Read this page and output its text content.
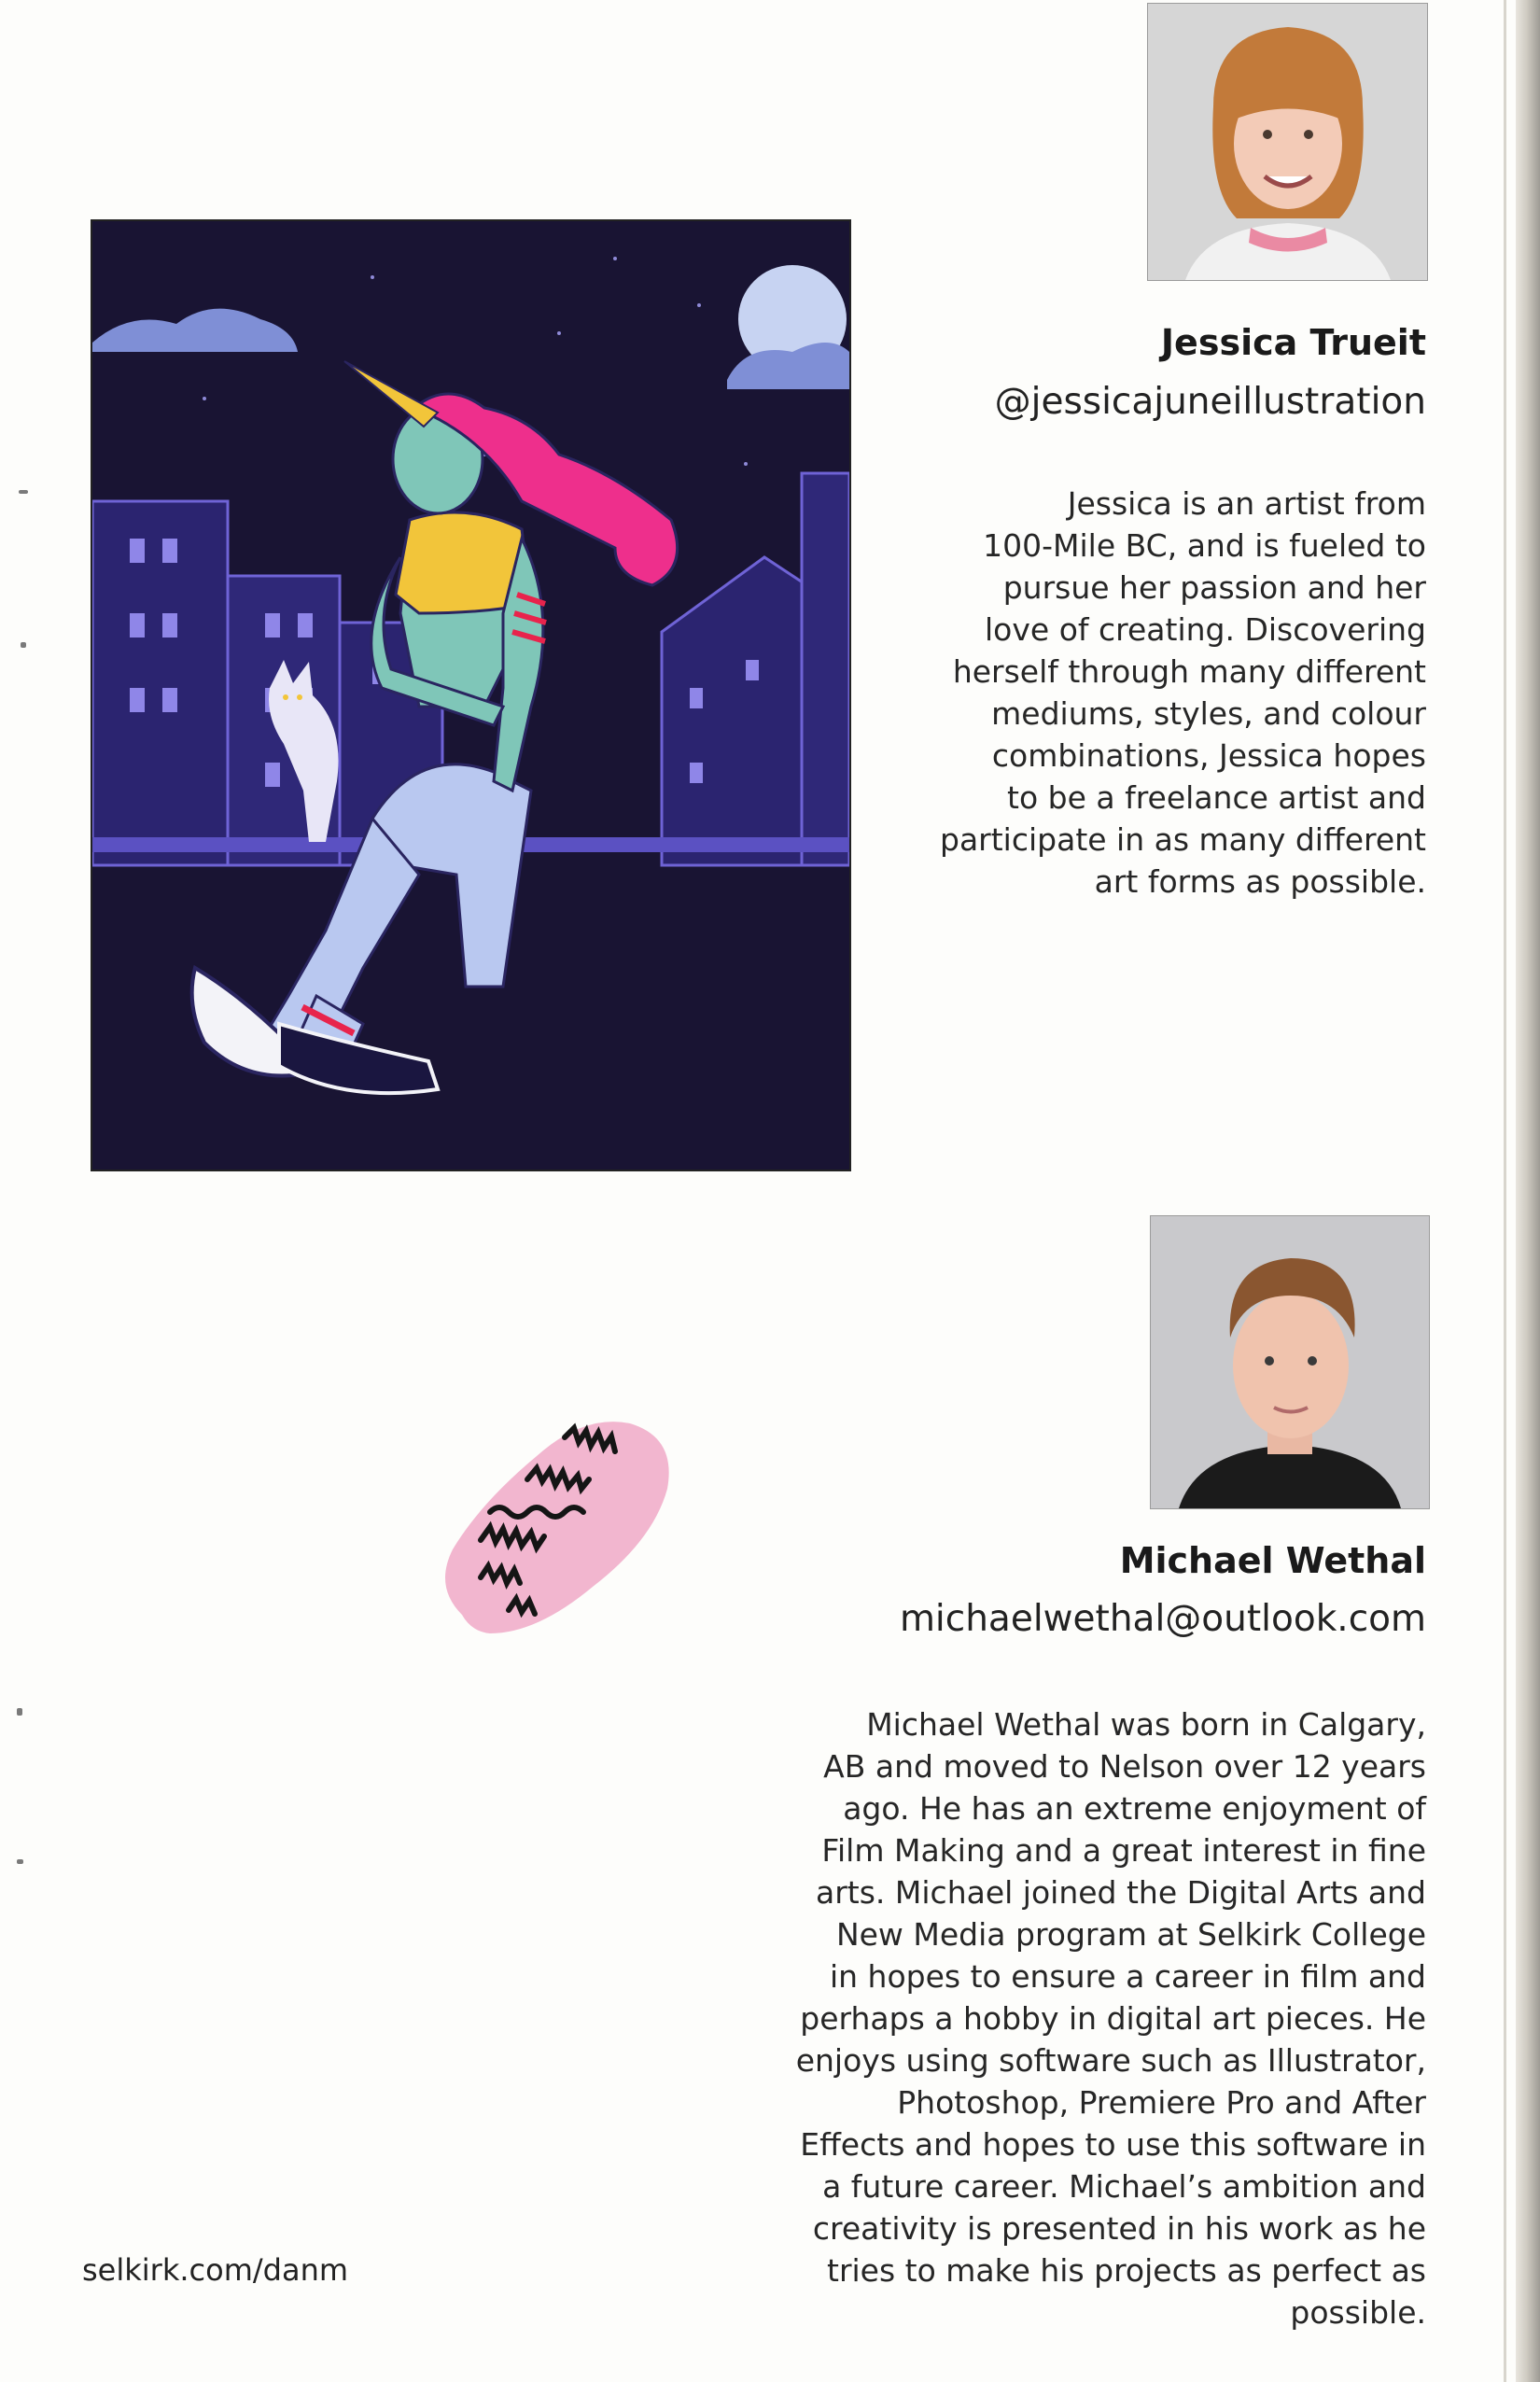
Jessica Trueit
@jessicajuneillustration
Jessica is an artist from
100-Mile BC, and is fueled to
pursue her passion and her
love of creating. Discovering
herself through many different
mediums, styles, and colour
combinations, Jessica hopes
to be a freelance artist and
participate in as many different
art forms as possible.
Michael Wethal
michaelwethal@outlook.com
Michael Wethal was born in Calgary,
AB and moved to Nelson over 12 years
ago. He has an extreme enjoyment of
Film Making and a great interest in fine
arts. Michael joined the Digital Arts and
New Media program at Selkirk College
in hopes to ensure a career in film and
perhaps a hobby in digital art pieces. He
enjoys using software such as Illustrator,
Photoshop, Premiere Pro and After
Effects and hopes to use this software in
a future career. Michael’s ambition and
creativity is presented in his work as he
tries to make his projects as perfect as
possible.
selkirk.com/danm
